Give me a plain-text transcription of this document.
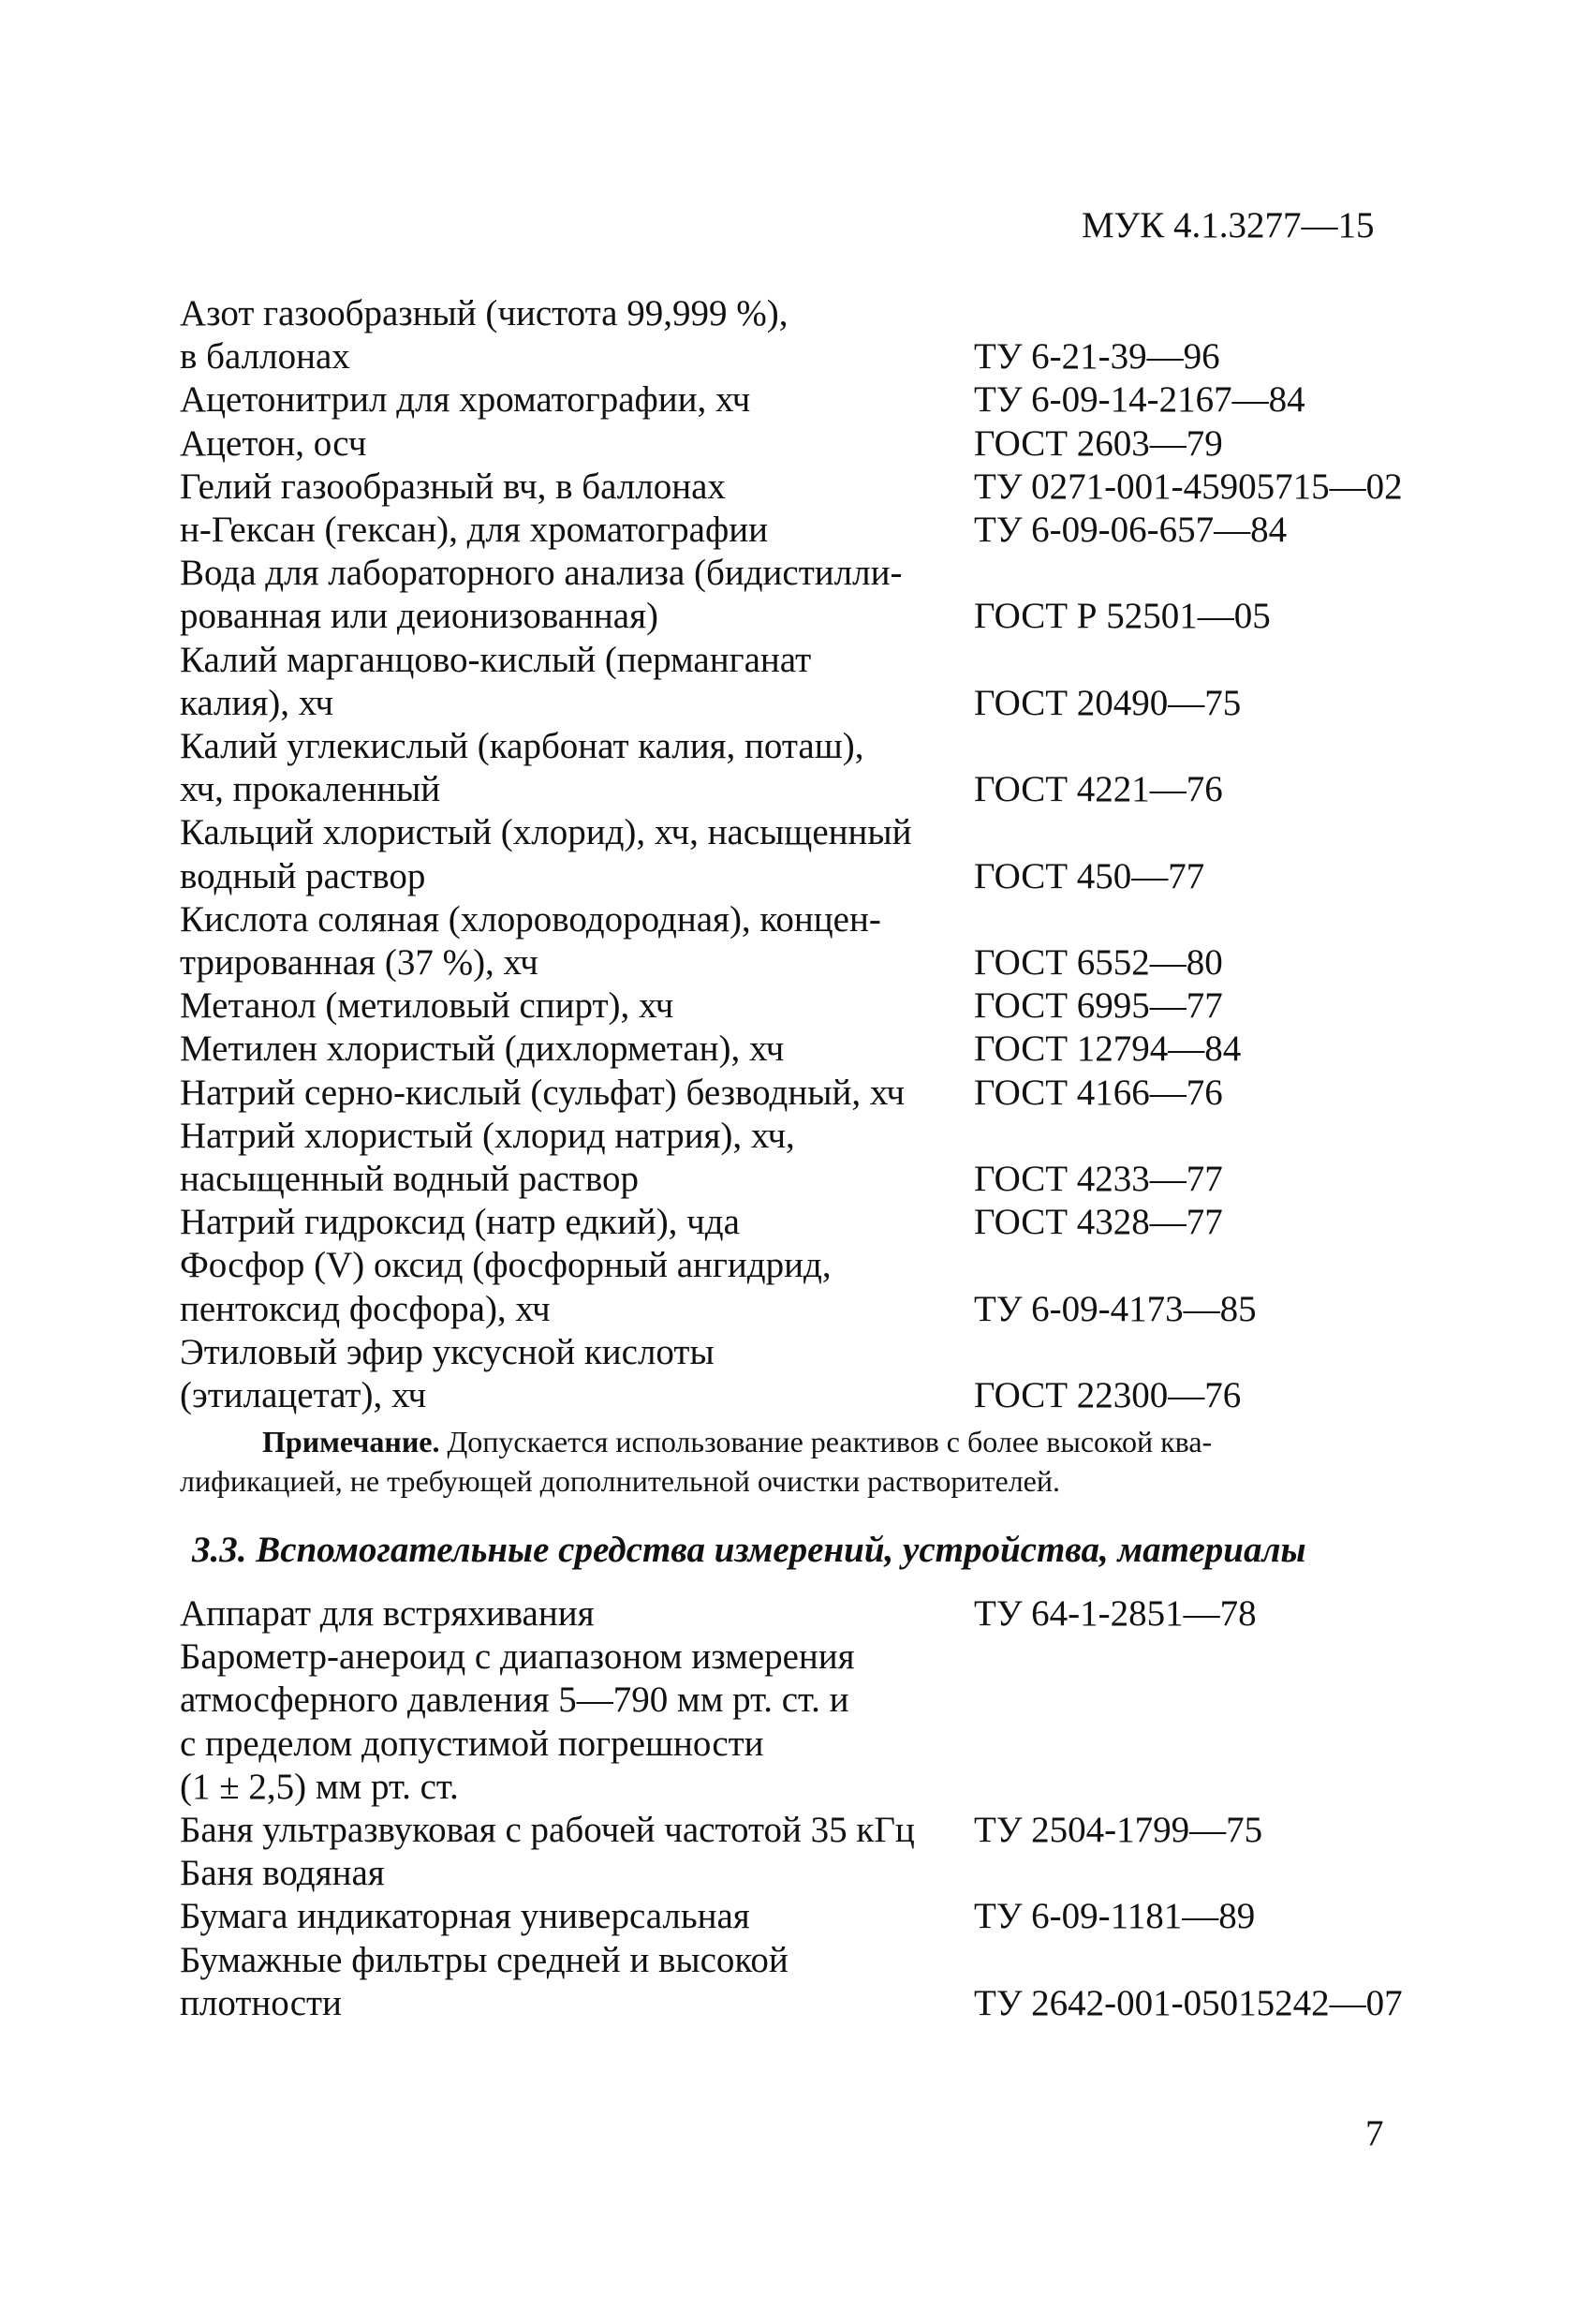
МУК 4.1.3277—15
Азот газообразный (чистота 99,999 %),
в баллонах	ТУ 6-21-39—96
Ацетонитрил для хроматографии, хч	ТУ 6-09-14-2167—84
Ацетон, осч	ГОСТ 2603—79
Гелий газообразный вч, в баллонах	ТУ 0271-001-45905715—02
н-Гексан (гексан), для хроматографии	ТУ 6-09-06-657—84
Вода для лабораторного анализа (бидистилли-
рованная или деионизованная)	ГОСТ Р 52501—05
Калий марганцово-кислый (перманганат
калия), хч	ГОСТ 20490—75
Калий углекислый (карбонат калия, поташ),
хч, прокаленный	ГОСТ 4221—76
Кальций хлористый (хлорид), хч, насыщенный
водный раствор	ГОСТ 450—77
Кислота соляная (хлороводородная), концен-
трированная (37 %), хч	ГОСТ 6552—80
Метанол (метиловый спирт), хч	ГОСТ 6995—77
Метилен хлористый (дихлорметан), хч	ГОСТ 12794—84
Натрий серно-кислый (сульфат) безводный, хч	ГОСТ 4166—76
Натрий хлористый (хлорид натрия), хч,
насыщенный водный раствор	ГОСТ 4233—77
Натрий гидроксид (натр едкий), чда	ГОСТ 4328—77
Фосфор (V) оксид (фосфорный ангидрид,
пентоксид фосфора), хч	ТУ 6-09-4173—85
Этиловый эфир уксусной кислоты
(этилацетат), хч	ГОСТ 22300—76
Примечание. Допускается использование реактивов с более высокой ква-
лификацией, не требующей дополнительной очистки растворителей.
3.3. Вспомогательные средства измерений, устройства, материалы
Аппарат для встряхивания	ТУ 64-1-2851—78
Барометр-анероид с диапазоном измерения
атмосферного давления 5—790 мм рт. ст. и
с пределом допустимой погрешности
(1 ± 2,5) мм рт. ст.
Баня ультразвуковая с рабочей частотой 35 кГц	ТУ 2504-1799—75
Баня водяная
Бумага индикаторная универсальная	ТУ 6-09-1181—89
Бумажные фильтры средней и высокой
плотности	ТУ 2642-001-05015242—07
7
